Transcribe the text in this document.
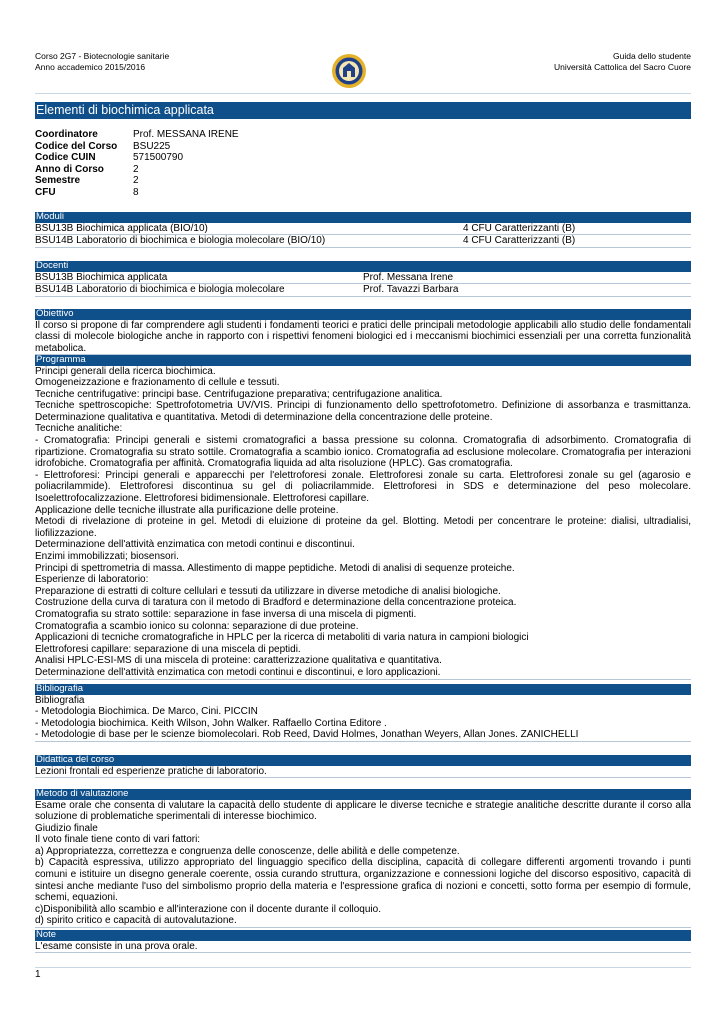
Corso 2G7 - Biotecnologie sanitarie
Anno accademico 2015/2016
Guida dello studente
Università Cattolica del Sacro Cuore
Elementi di biochimica applicata
Coordinatore	Prof. MESSANA IRENE
Codice del Corso	BSU225
Codice CUIN	571500790
Anno di Corso	2
Semestre	2
CFU	8
Moduli
BSU13B Biochimica applicata (BIO/10)	4 CFU Caratterizzanti (B)
BSU14B Laboratorio di biochimica e biologia molecolare (BIO/10)	4 CFU Caratterizzanti (B)
Docenti
BSU13B Biochimica applicata	Prof. Messana Irene
BSU14B Laboratorio di biochimica e biologia molecolare	Prof. Tavazzi Barbara
Obiettivo
Il corso si propone di far comprendere agli studenti i fondamenti teorici e pratici delle principali metodologie applicabili allo studio delle fondamentali classi di molecole biologiche anche in rapporto con i rispettivi fenomeni biologici ed i meccanismi biochimici essenziali per una corretta funzionalità metabolica.
Programma

Principi generali della ricerca biochimica.

Omogeneizzazione e frazionamento di cellule e tessuti.

Tecniche centrifugative: principi base. Centrifugazione preparativa; centrifugazione analitica.

Tecniche spettroscopiche: Spettrofotometria UV/VIS. Principi di funzionamento dello spettrofotometro. Definizione di assorbanza e trasmittanza. Determinazione qualitativa e quantitativa. Metodi di determinazione della concentrazione delle proteine.

Tecniche analitiche:

- Cromatografia: Principi generali e sistemi cromatografici a bassa pressione su colonna. Cromatografia di adsorbimento. Cromatografia di ripartizione. Cromatografia su strato sottile. Cromatografia a scambio ionico. Cromatografia ad esclusione molecolare. Cromatografia per interazioni idrofobiche. Cromatografia per affinità. Cromatografia liquida ad alta risoluzione (HPLC). Gas cromatografia.

- Elettroforesi: Principi generali e apparecchi per l'elettroforesi zonale. Elettroforesi zonale su carta. Elettroforesi zonale su gel (agarosio e poliacrilammide). Elettroforesi discontinua su gel di poliacrilammide. Elettroforesi in SDS e determinazione del peso molecolare. Isoelettrofocalizzazione. Elettroforesi bidimensionale. Elettroforesi capillare.

Applicazione delle tecniche illustrate alla purificazione delle proteine.

Metodi di rivelazione di proteine in gel. Metodi di eluizione di proteine da gel. Blotting. Metodi per concentrare le proteine: dialisi, ultradialisi, liofilizzazione.

Determinazione dell'attività enzimatica con metodi continui e discontinui.

Enzimi immobilizzati; biosensori.

Principi di spettrometria di massa. Allestimento di mappe peptidiche. Metodi di analisi di sequenze proteiche.

Esperienze di laboratorio:

Preparazione di estratti di colture cellulari e tessuti da utilizzare in diverse metodiche di analisi biologiche.

Costruzione della curva di taratura con il metodo di Bradford e determinazione della concentrazione proteica.

Cromatografia su strato sottile: separazione in fase inversa di una miscela di pigmenti.

Cromatografia a scambio ionico su colonna: separazione di due proteine.

Applicazioni di tecniche cromatografiche in HPLC per la ricerca di metaboliti di varia natura in campioni biologici

Elettroforesi capillare: separazione di una miscela di peptidi.

Analisi HPLC-ESI-MS di una miscela di proteine: caratterizzazione qualitativa e quantitativa.

Determinazione dell'attività enzimatica con metodi continui e discontinui, e loro applicazioni.

Bibliografia

Bibliografia

- Metodologia Biochimica. De Marco, Cini. PICCIN

- Metodologia biochimica. Keith Wilson, John Walker. Raffaello Cortina Editore .

- Metodologie di base per le scienze biomolecolari. Rob Reed, David Holmes, Jonathan Weyers, Allan Jones. ZANICHELLI

Didattica del corso
Lezioni frontali ed esperienze pratiche di laboratorio.
Metodo di valutazione

Esame orale che consenta di valutare la capacità dello studente di applicare le diverse tecniche e strategie analitiche descritte durante il corso alla soluzione di problematiche sperimentali di interesse biochimico.

Giudizio finale

Il voto finale tiene conto di vari fattori:

a) Appropriatezza, correttezza e congruenza delle conoscenze, delle abilità e delle competenze.

b) Capacità espressiva, utilizzo appropriato del linguaggio specifico della disciplina, capacità di collegare differenti argomenti trovando i punti comuni e istituire un disegno generale coerente, ossia curando struttura, organizzazione e connessioni logiche del discorso espositivo, capacità di sintesi anche mediante l'uso del simbolismo proprio della materia e l'espressione grafica di nozioni e concetti, sotto forma per esempio di formule, schemi, equazioni.

c)Disponibilità allo scambio e all'interazione con il docente durante il colloquio.

d) spirito critico e capacità di autovalutazione.

Note
L'esame consiste in una prova orale.
1
